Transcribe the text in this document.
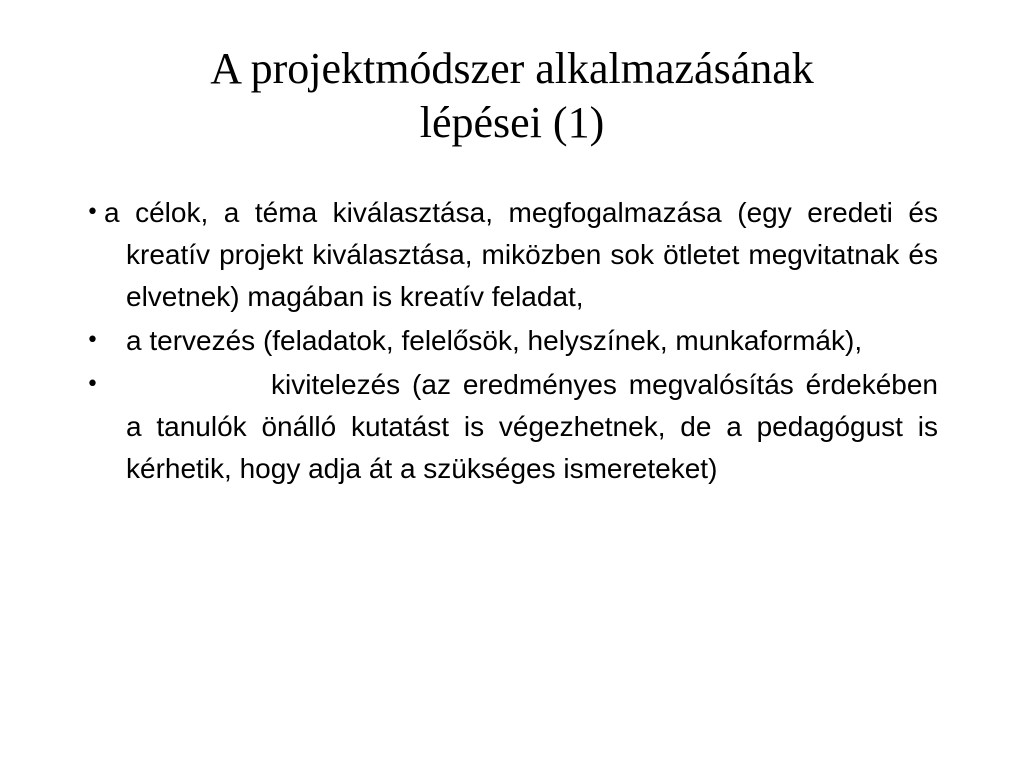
A projektmódszer alkalmazásának
lépései (1)
• a célok, a téma kiválasztása, megfogalmazása (egy eredeti és kreatív projekt kiválasztása, miközben sok ötletet megvitatnak és elvetnek) magában is kreatív feladat,
• a tervezés (feladatok, felelősök, helyszínek, munkaformák),
•	kivitelezés (az eredményes megvalósítás érdekében a tanulók önálló kutatást is végezhetnek, de a pedagógust is kérhetik, hogy adja át a szükséges ismereteket)
